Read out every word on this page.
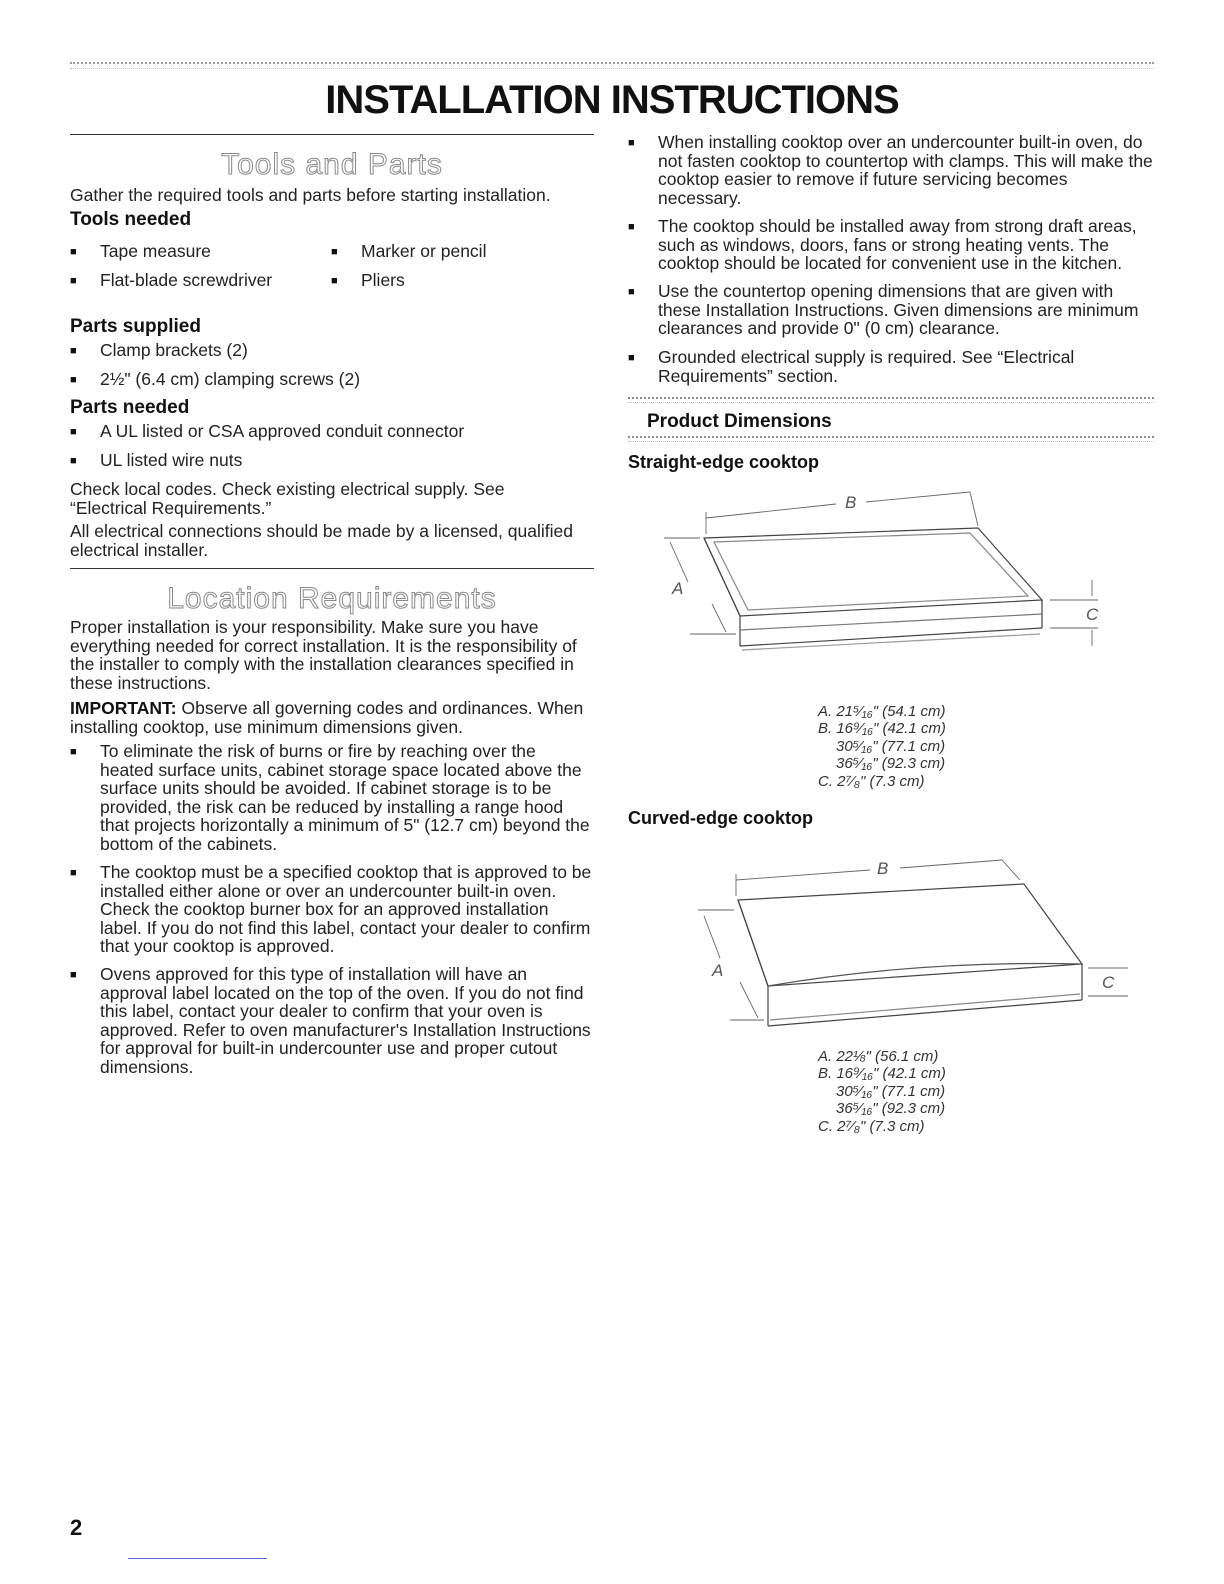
INSTALLATION INSTRUCTIONS
Tools and Parts
Gather the required tools and parts before starting installation.
Tools needed
■ Tape measure	■ Marker or pencil
■ Flat-blade screwdriver	■ Pliers
Parts supplied
■ Clamp brackets (2)
■ 2½" (6.4 cm) clamping screws (2)
Parts needed
■ A UL listed or CSA approved conduit connector
■ UL listed wire nuts
Check local codes. Check existing electrical supply. See “Electrical Requirements.”
All electrical connections should be made by a licensed, qualified electrical installer.
Location Requirements
Proper installation is your responsibility. Make sure you have everything needed for correct installation. It is the responsibility of the installer to comply with the installation clearances specified in these instructions.
IMPORTANT: Observe all governing codes and ordinances. When installing cooktop, use minimum dimensions given.
■ To eliminate the risk of burns or fire by reaching over the heated surface units, cabinet storage space located above the surface units should be avoided. If cabinet storage is to be provided, the risk can be reduced by installing a range hood that projects horizontally a minimum of 5" (12.7 cm) beyond the bottom of the cabinets.
■ The cooktop must be a specified cooktop that is approved to be installed either alone or over an undercounter built-in oven. Check the cooktop burner box for an approved installation label. If you do not find this label, contact your dealer to confirm that your cooktop is approved.
■ Ovens approved for this type of installation will have an approval label located on the top of the oven. If you do not find this label, contact your dealer to confirm that your oven is approved. Refer to oven manufacturer's Installation Instructions for approval for built-in undercounter use and proper cutout dimensions.
■ When installing cooktop over an undercounter built-in oven, do not fasten cooktop to countertop with clamps. This will make the cooktop easier to remove if future servicing becomes necessary.
■ The cooktop should be installed away from strong draft areas, such as windows, doors, fans or strong heating vents. The cooktop should be located for convenient use in the kitchen.
■ Use the countertop opening dimensions that are given with these Installation Instructions. Given dimensions are minimum clearances and provide 0" (0 cm) clearance.
■ Grounded electrical supply is required. See “Electrical Requirements” section.
Product Dimensions
Straight-edge cooktop
B
A
C
A. 21⁵⁄₁₆" (54.1 cm)
B. 16⁹⁄₁₆" (42.1 cm)
30⁵⁄₁₆" (77.1 cm)
36⁵⁄₁₆" (92.3 cm)
C. 2⁷⁄₈" (7.3 cm)
Curved-edge cooktop
B
A
C
A. 22⅛" (56.1 cm)
B. 16⁹⁄₁₆" (42.1 cm)
30⁵⁄₁₆" (77.1 cm)
36⁵⁄₁₆" (92.3 cm)
C. 2⁷⁄₈" (7.3 cm)
2
